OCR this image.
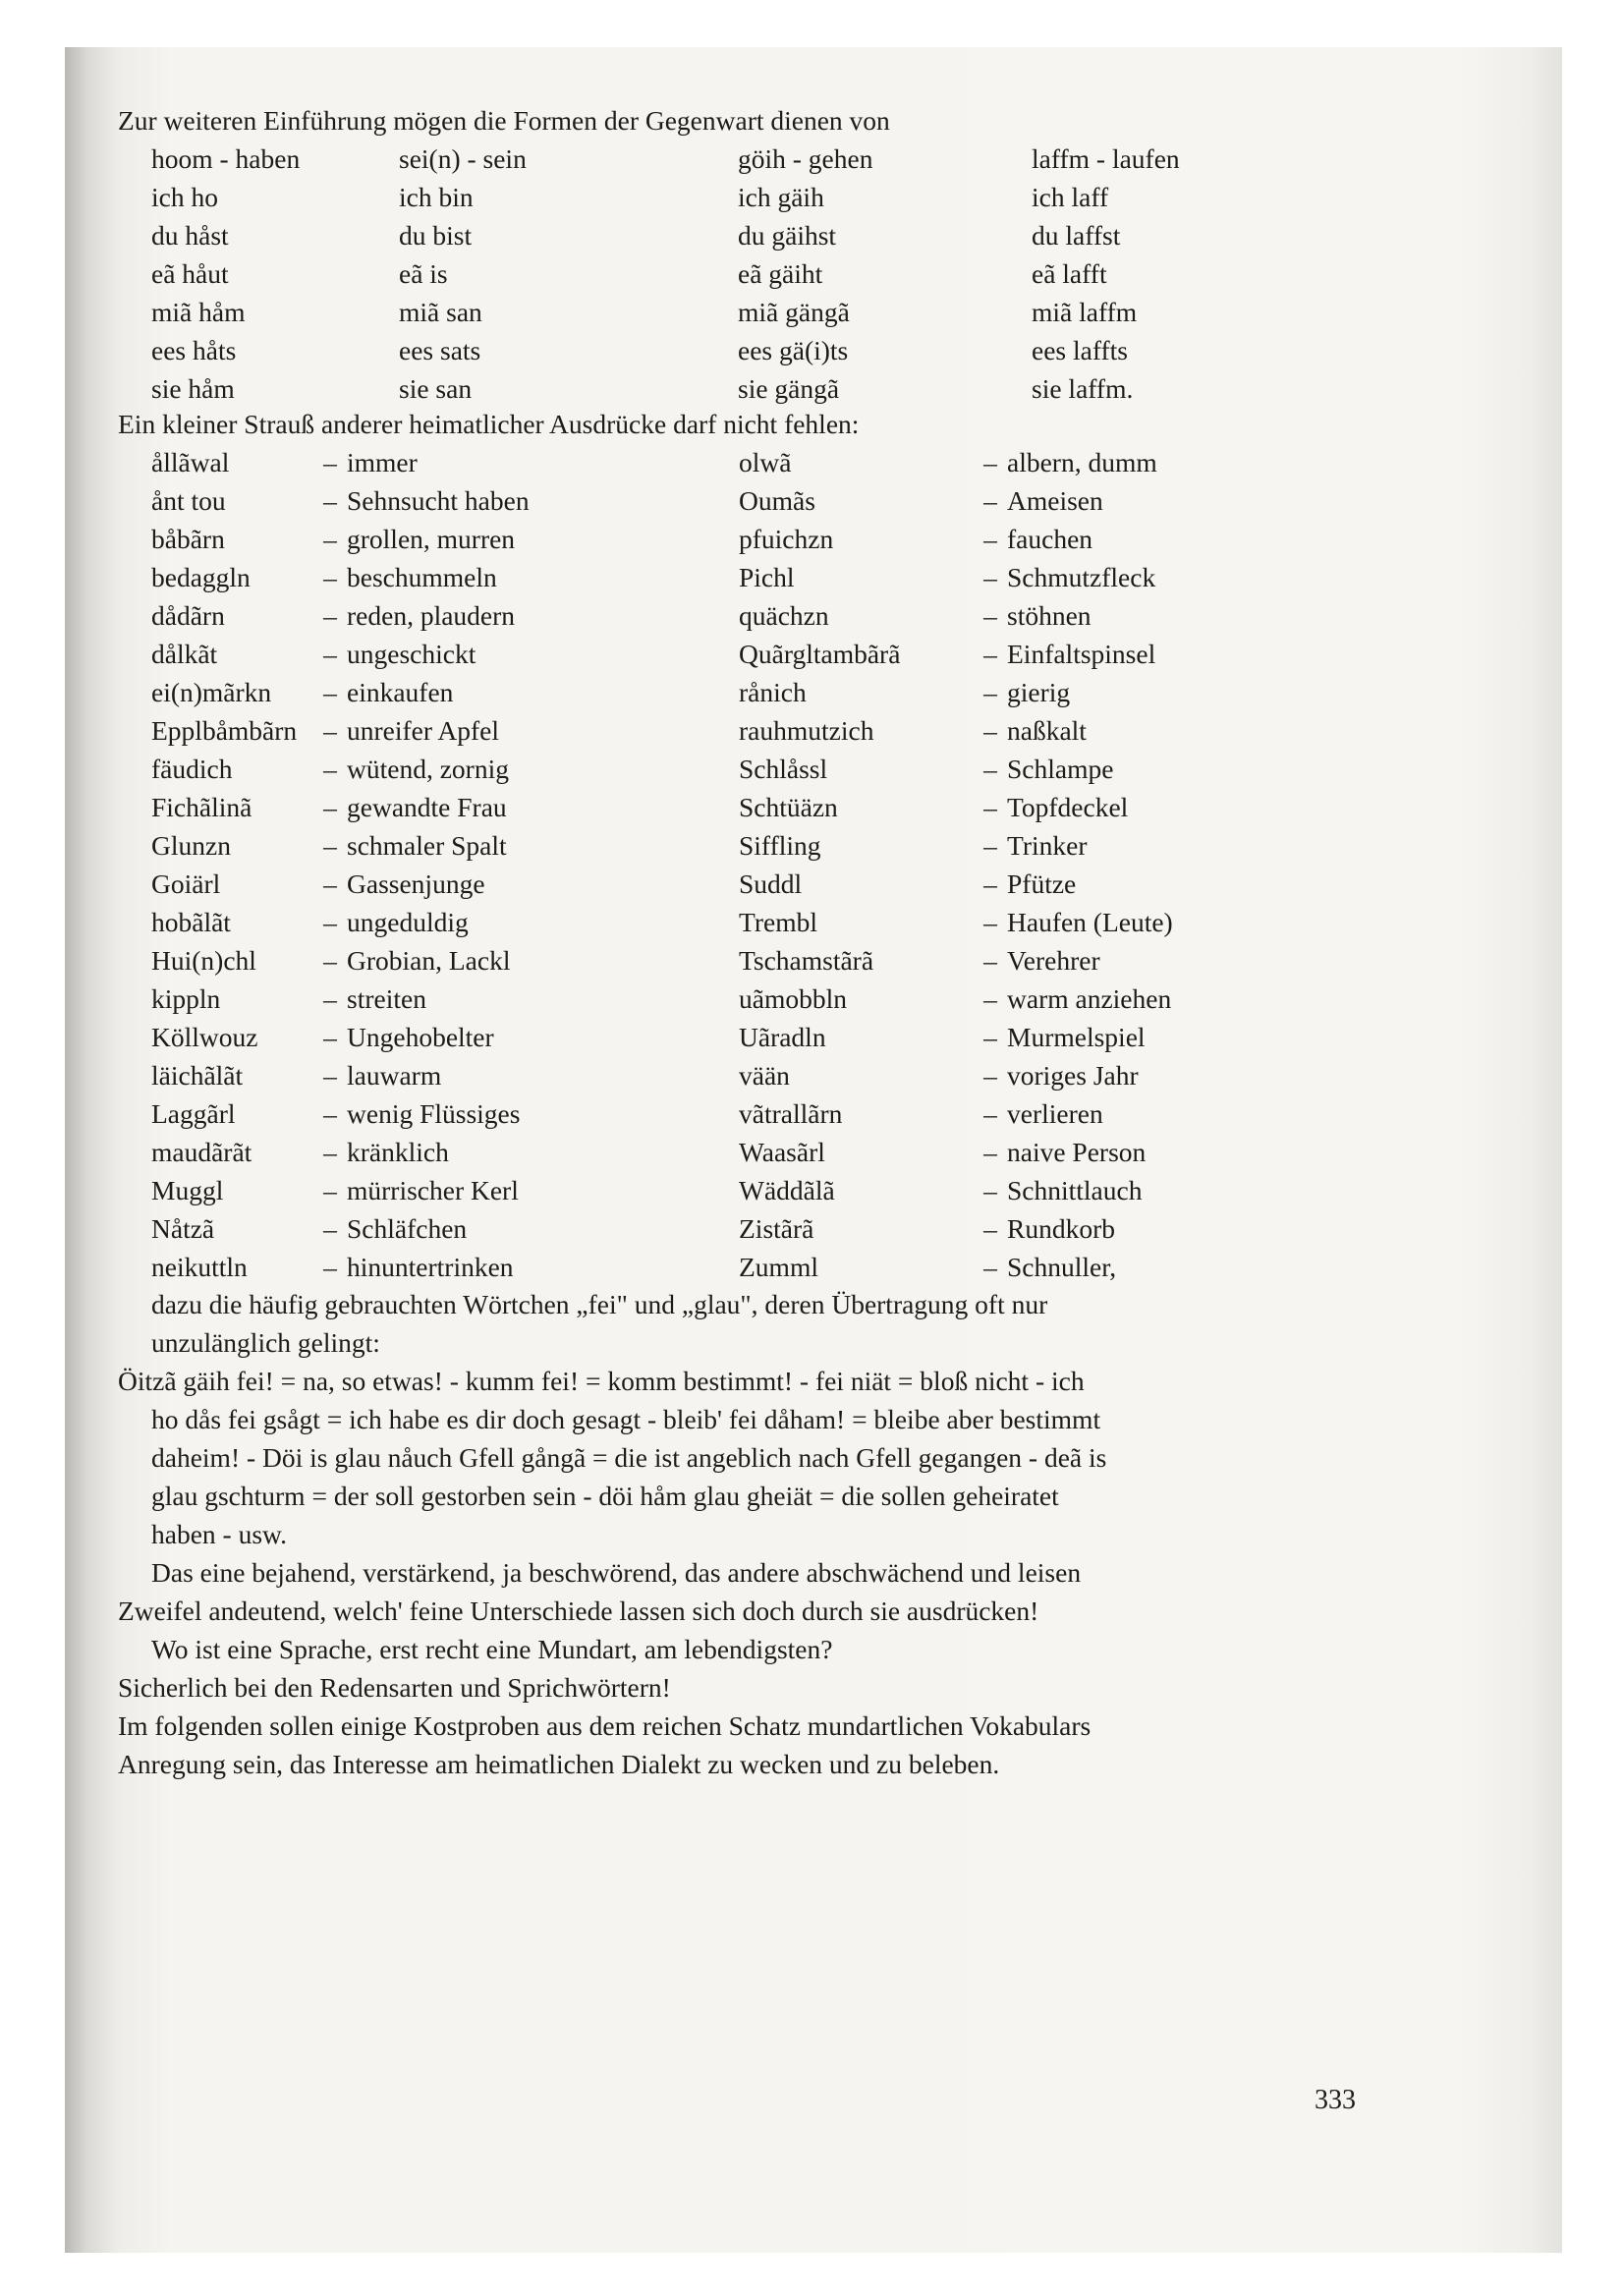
Zur weiteren Einführung mögen die Formen der Gegenwart dienen von
hoom - haben	sei(n) - sein	göih - gehen	laffm - laufen
ich ho	ich bin	ich gäih	ich laff
du håst	du bist	du gäihst	du laffst
eã håut	eã is	eã gäiht	eã lafft
miã håm	miã san	miã gängã	miã laffm
ees håts	ees sats	ees gä(i)ts	ees laffts
sie håm	sie san	sie gängã	sie laffm.
Ein kleiner Strauß anderer heimatlicher Ausdrücke darf nicht fehlen:
ållãwal	– immer	olwã	– albern, dumm
ånt tou	– Sehnsucht haben	Oumãs	– Ameisen
båbãrn	– grollen, murren	pfuichzn	– fauchen
bedaggln	– beschummeln	Pichl	– Schmutzfleck
dådãrn	– reden, plaudern	quächzn	– stöhnen
dålkãt	– ungeschickt	Quãrgltambãrã	– Einfaltspinsel
ei(n)mãrkn	– einkaufen	rånich	– gierig
Epplbåmbãrn – unreifer Apfel	rauhmutzich	– naßkalt
fäudich	– wütend, zornig	Schlåssl	– Schlampe
Fichãlinã	– gewandte Frau	Schtüäzn	– Topfdeckel
Glunzn	– schmaler Spalt	Siffling	– Trinker
Goiärl	– Gassenjunge	Suddl	– Pfütze
hobãlãt	– ungeduldig	Trembl	– Haufen (Leute)
Hui(n)chl	– Grobian, Lackl	Tschamstãrã	– Verehrer
kippln	– streiten	uãmobbln	– warm anziehen
Köllwouz	– Ungehobelter	Uãradln	– Murmelspiel
läichãlãt	– lauwarm	vään	– voriges Jahr
Laggãrl	– wenig Flüssiges	vãtrallãrn	– verlieren
maudãrãt	– kränklich	Waasãrl	– naive Person
Muggl	– mürrischer Kerl	Wäddãlã	– Schnittlauch
Nåtzã	– Schläfchen	Zistãrã	– Rundkorb
neikuttln	– hinuntertrinken	Zumml	– Schnuller,
dazu die häufig gebrauchten Wörtchen „fei" und „glau", deren Übertragung oft nur
unzulänglich gelingt:
Öitzã gäih fei! = na, so etwas! - kumm fei! = komm bestimmt! - fei niät = bloß nicht - ich
ho dås fei gsågt = ich habe es dir doch gesagt - bleib' fei dåham! = bleibe aber bestimmt
daheim! - Döi is glau nåuch Gfell gångã = die ist angeblich nach Gfell gegangen - deã is
glau gschturm = der soll gestorben sein - döi håm glau gheiät = die sollen geheiratet
haben - usw.
Das eine bejahend, verstärkend, ja beschwörend, das andere abschwächend und leisen
Zweifel andeutend, welch' feine Unterschiede lassen sich doch durch sie ausdrücken!
Wo ist eine Sprache, erst recht eine Mundart, am lebendigsten?
Sicherlich bei den Redensarten und Sprichwörtern!
Im folgenden sollen einige Kostproben aus dem reichen Schatz mundartlichen Vokabulars
Anregung sein, das Interesse am heimatlichen Dialekt zu wecken und zu beleben.
333
